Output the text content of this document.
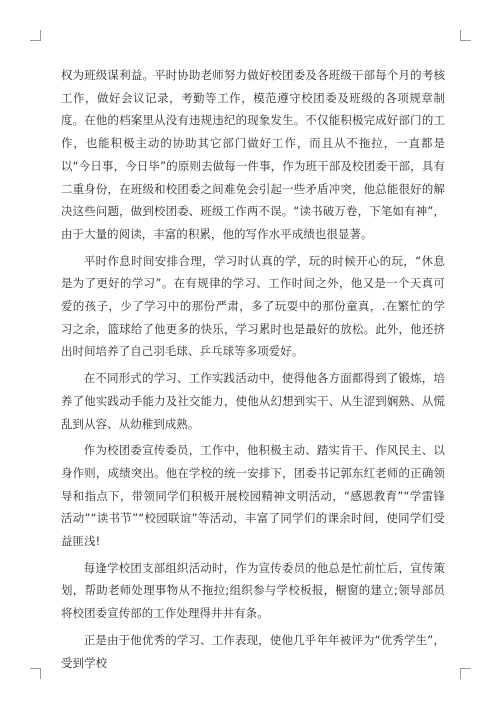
权为班级谋利益。平时协助老师努力做好校团委及各班级干部每个月的考核工作，做好会议记录，考勤等工作，模范遵守校团委及班级的各项规章制度。在他的档案里从没有违规违纪的现象发生。不仅能积极完成好部门的工作，也能积极主动的协助其它部门做好工作，而且从不拖拉，一直都是以“今日事，今日毕”的原则去做每一件事，作为班干部及校团委干部，具有二重身份，在班级和校团委之间难免会引起一些矛盾冲突，他总能很好的解决这些问题，做到校团委、班级工作两不误。“读书破万卷，下笔如有神”，由于大量的阅读，丰富的积累，他的写作水平成绩也很显著。

平时作息时间安排合理，学习时认真的学，玩的时候开心的玩，“休息是为了更好的学习”。在有规律的学习、工作时间之外，他又是一个天真可爱的孩子，少了学习中的那份严肃，多了玩耍中的那份童真，.在繁忙的学习之余，篮球给了他更多的快乐，学习累时也是最好的放松。此外，他还挤出时间培养了自己羽毛球、乒乓球等多项爱好。

在不同形式的学习、工作实践活动中，使得他各方面都得到了锻炼，培养了他实践动手能力及社交能力，使他从幻想到实干、从生涩到娴熟、从慌乱到从容、从幼稚到成熟。

作为校团委宣传委员，工作中，他积极主动、踏实肯干、作风民主、以身作则，成绩突出。他在学校的统一安排下，团委书记郭东红老师的正确领导和指点下，带领同学们积极开展校园精神文明活动，“感恩教育”“学雷锋活动”“读书节”“校园联谊”等活动，丰富了同学们的课余时间，使同学们受益匪浅!

每逢学校团支部组织活动时，作为宣传委员的他总是忙前忙后，宣传策划，帮助老师处理事物从不拖拉;组织参与学校板报，橱窗的建立;领导部员将校团委宣传部的工作处理得井井有条。

正是由于他优秀的学习、工作表现，使他几乎年年被评为“优秀学生”，受到学校
